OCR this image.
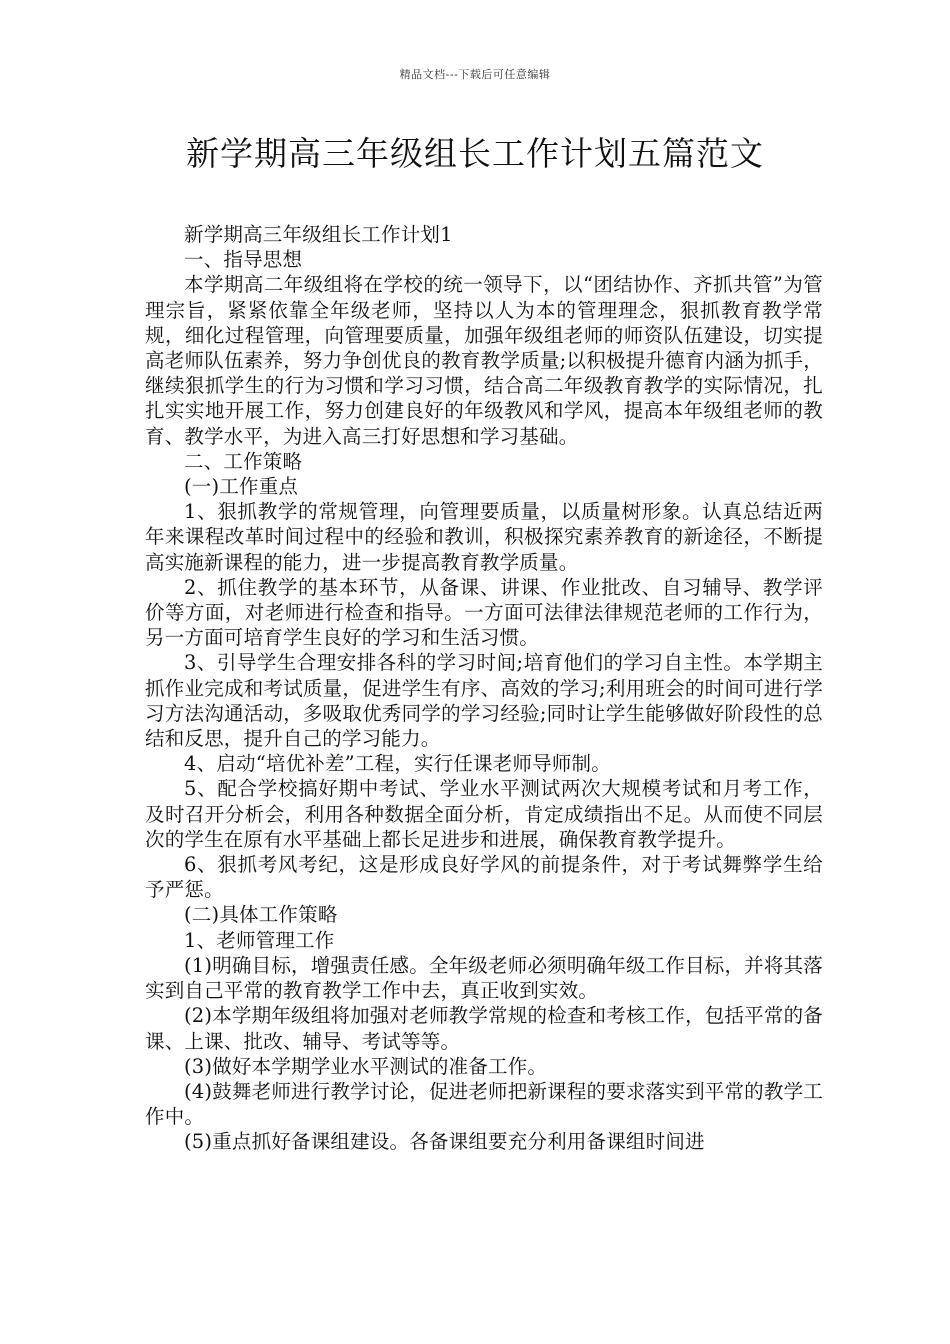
精品文档---下载后可任意编辑
新学期高三年级组长工作计划五篇范文

新学期高三年级组长工作计划1

一、指导思想

本学期高二年级组将在学校的统一领导下，以“团结协作、齐抓共管”为管理宗旨，紧紧依靠全年级老师，坚持以人为本的管理理念，狠抓教育教学常规，细化过程管理，向管理要质量，加强年级组老师的师资队伍建设，切实提高老师队伍素养，努力争创优良的教育教学质量;以积极提升德育内涵为抓手，继续狠抓学生的行为习惯和学习习惯，结合高二年级教育教学的实际情况，扎扎实实地开展工作，努力创建良好的年级教风和学风，提高本年级组老师的教育、教学水平，为进入高三打好思想和学习基础。

二、工作策略

(一)工作重点

1、狠抓教学的常规管理，向管理要质量，以质量树形象。认真总结近两年来课程改革时间过程中的经验和教训，积极探究素养教育的新途径，不断提高实施新课程的能力，进一步提高教育教学质量。

2、抓住教学的基本环节，从备课、讲课、作业批改、自习辅导、教学评价等方面，对老师进行检查和指导。一方面可法律法律规范老师的工作行为，另一方面可培育学生良好的学习和生活习惯。

3、引导学生合理安排各科的学习时间;培育他们的学习自主性。本学期主抓作业完成和考试质量，促进学生有序、高效的学习;利用班会的时间可进行学习方法沟通活动，多吸取优秀同学的学习经验;同时让学生能够做好阶段性的总结和反思，提升自己的学习能力。

4、启动“培优补差”工程，实行任课老师导师制。

5、配合学校搞好期中考试、学业水平测试两次大规模考试和月考工作，及时召开分析会，利用各种数据全面分析，肯定成绩指出不足。从而使不同层次的学生在原有水平基础上都长足进步和进展，确保教育教学提升。

6、狠抓考风考纪，这是形成良好学风的前提条件，对于考试舞弊学生给予严惩。

(二)具体工作策略

1、老师管理工作

(1)明确目标，增强责任感。全年级老师必须明确年级工作目标，并将其落实到自己平常的教育教学工作中去，真正收到实效。

(2)本学期年级组将加强对老师教学常规的检查和考核工作，包括平常的备课、上课、批改、辅导、考试等等。

(3)做好本学期学业水平测试的准备工作。

(4)鼓舞老师进行教学讨论，促进老师把新课程的要求落实到平常的教学工作中。

(5)重点抓好备课组建设。各备课组要充分利用备课组时间进
